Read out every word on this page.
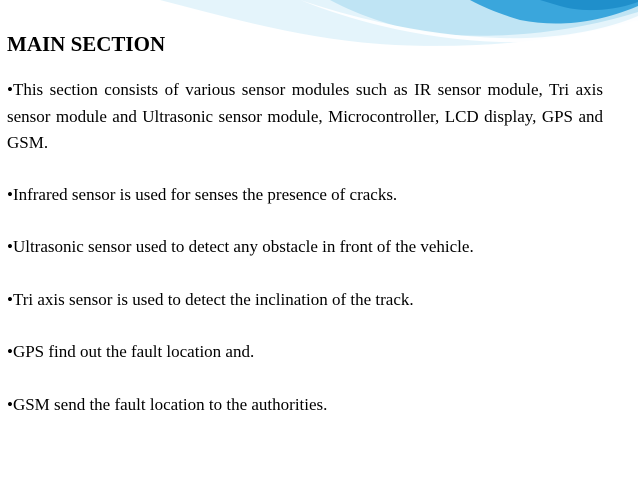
MAIN SECTION
•This section consists of various sensor modules such as IR sensor module, Tri axis sensor module and Ultrasonic sensor module, Microcontroller, LCD display, GPS and GSM.
•Infrared sensor is used for senses the presence of cracks.
•Ultrasonic sensor used to detect any obstacle in front of the vehicle.
•Tri axis sensor is used to detect the inclination of the track.
•GPS find out the fault location and.
•GSM send the fault location to the authorities.
